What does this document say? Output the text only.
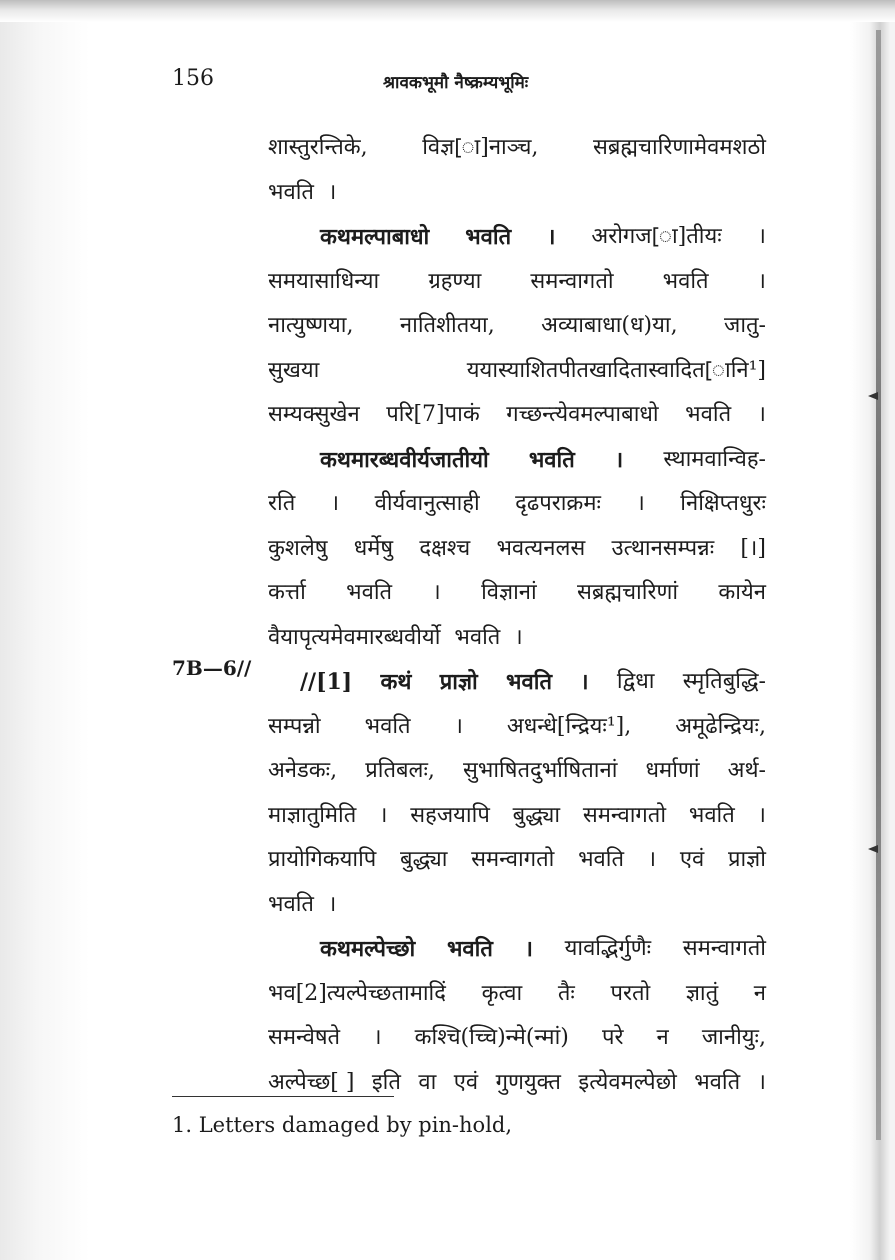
156	श्रावकभूमौ नैष्क्रम्यभूमिः
7B—6//
शास्तुरन्तिके, विज्ञ[ा]नाञ्च, सब्रह्मचारिणामेवमशठो
भवति ।
कथमल्पाबाधो भवति । अरोगज[ा]तीयः ।
समयासाधिन्या ग्रहण्या समन्वागतो भवति ।
नात्युष्णया, नातिशीतया, अव्याबाधा(ध)या, जातु-
सुखया	ययास्याशितपीतखादितास्वादित[ानि¹]
सम्यक्सुखेन परि[7]पाकं गच्छन्त्येवमल्पाबाधो भवति ।
कथमारब्धवीर्यजातीयो भवति । स्थामवान्विह-
रति । वीर्यवानुत्साही दृढपराक्रमः । निक्षिप्तधुरः
कुशलेषु धर्मेषु दक्षश्च भवत्यनलस उत्थानसम्पन्नः [।]
कर्त्ता भवति । विज्ञानां सब्रह्मचारिणां कायेन
वैयापृत्यमेवमारब्धवीर्यो भवति ।
//[1] कथं प्राज्ञो भवति । द्विधा स्मृतिबुद्धि-
सम्पन्नो भवति । अधन्धे[न्द्रियः¹], अमूढेन्द्रियः,
अनेडकः, प्रतिबलः, सुभाषितदुर्भाषितानां धर्माणां अर्थ-
माज्ञातुमिति । सहजयापि बुद्ध्या समन्वागतो भवति ।
प्रायोगिकयापि बुद्ध्या समन्वागतो भवति । एवं प्राज्ञो
भवति ।
कथमल्पेच्छो भवति । यावद्भिर्गुणैः समन्वागतो
भव[2]त्यल्पेच्छतामादिं कृत्वा तैः परतो ज्ञातुं न
समन्वेषते । कश्चि(च्चि)न्मे(न्मां) परे न जानीयुः,
अल्पेच्छ[ ] इति वा एवं गुणयुक्त इत्येवमल्पेछो भवति ।
1. Letters damaged by pin-hold,
